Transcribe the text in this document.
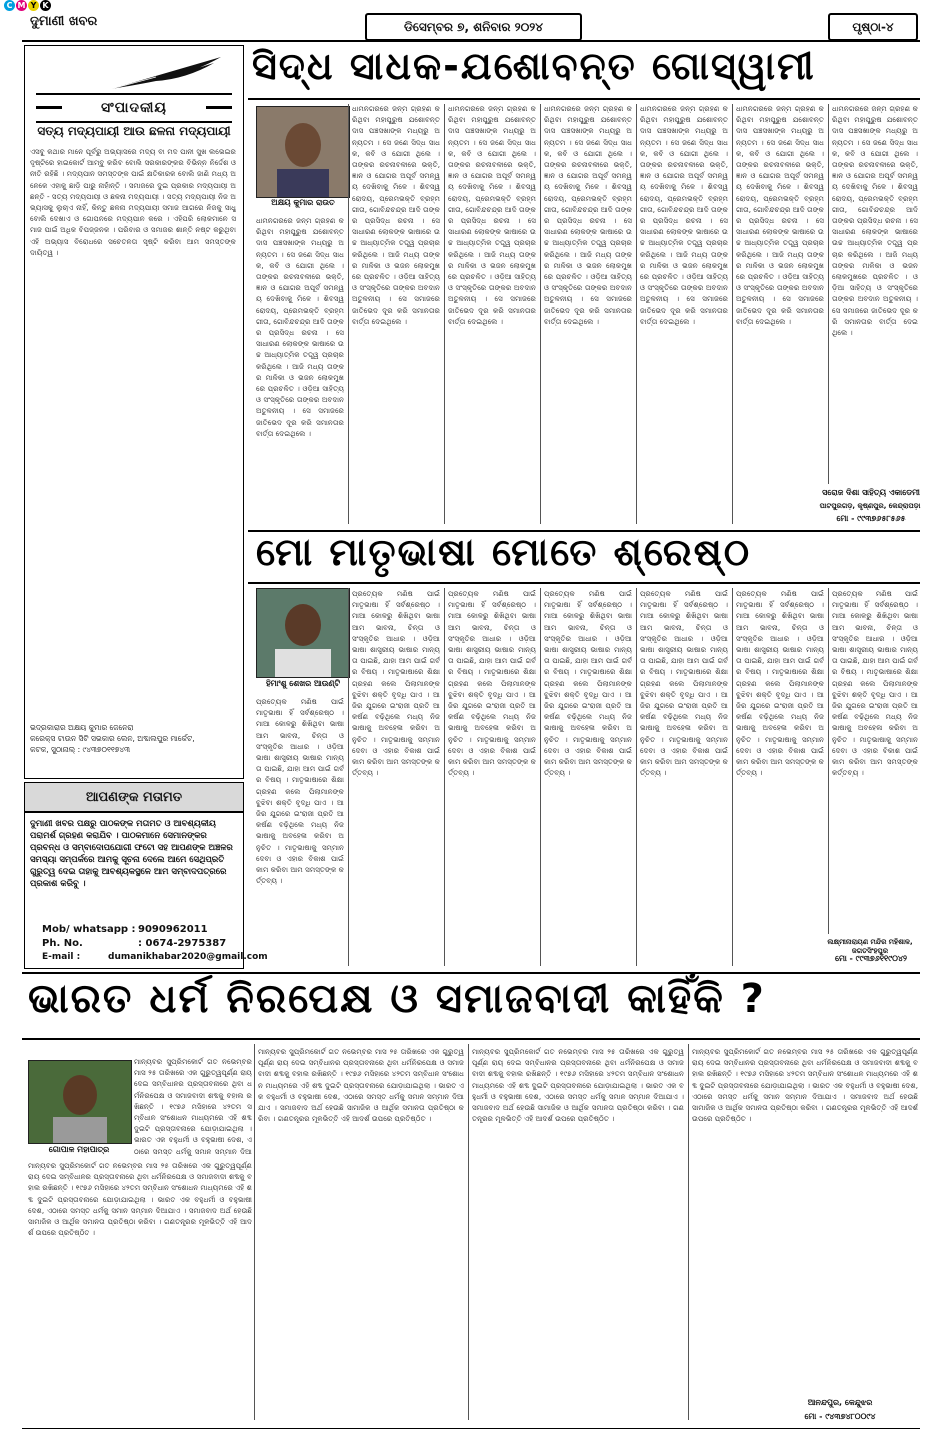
C M Y K
ଦୁମାଣୀ ଖବର	ଡିସେମ୍ବର ୭, ଶନିବାର ୨୦୨୪	ପୃଷ୍ଠା-୪
ସଂପାଦକୀୟ
ସତ୍ୟ ମଦ୍ୟପାୟୀ ଆଉ ଛଳନା ମଦ୍ୟପାୟୀ
ଏସବୁ କଥାର ମାନେ ପୂର୍ବରୁ ଅଭ୍ୟାସରେ ମଦ୍ୟ ବା ମଦ ପାନୀ ସୁଖ ଲଭେଇର ଦୃଷ୍ଟିରେ ହାଇକୋର୍ଟ ଆମ୍ବୁ କରିବ ବୋଲି ସରକାରଙ୍କର ବିଭିନ୍ନ ନିର୍ଦ୍ଦେଶ ଓ ନୀତି ରହିଛି । ମଦ୍ୟପାନ ସମସ୍ତଙ୍କ ପାଇଁ କ୍ଷତିକାରକ ବୋଲି ଜାଣି ମଧ୍ୟ ଅନେକେ ଏହାକୁ ଛାଡ଼ି ପାରୁ ନାହାଁନ୍ତି । ସମାଜରେ ଦୁଇ ପ୍ରକାର ମଦ୍ୟପାୟୀ ଅଛନ୍ତି - ସତ୍ୟ ମଦ୍ୟପାୟୀ ଓ ଛଳନା ମଦ୍ୟପାୟୀ । ସତ୍ୟ ମଦ୍ୟପାୟୀ ନିଜ ଅଭ୍ୟାସକୁ ଲୁଚାଏ ନାହିଁ, କିନ୍ତୁ ଛଳନା ମଦ୍ୟପାୟୀ ସମାଜ ଆଗରେ ନିଜକୁ ସାଧୁ ବୋଲି ଦେଖାଏ ଓ ଗୋପନରେ ମଦ୍ୟପାନ କରେ । ଏହିପରି ଲୋକମାନେ ସମାଜ ପାଇଁ ଅଧିକ ବିପଜ୍ଜନକ । ପରିବାର ଓ ସମାଜର ଶାନ୍ତି ନଷ୍ଟ କରୁଥିବା ଏହି ଅଭ୍ୟାସ ବିରୋଧରେ ସଚେତନତା ସୃଷ୍ଟି କରିବା ଆମ ସମସ୍ତଙ୍କ ଦାୟିତ୍ୱ ।
ଭଦ୍ରକାରାର ଅକ୍ଷୟ କୁମାର ଜେନେରା
କରେକ୍ସ ଟାଉନ ସିଟି ସଭକାର ଲେନ, ଅବ୍ଦାଲପୁର ମାର୍କେଟ,
କଟକ, ସୁଠାନାଲ୍ : ୯୪୩୭୦୧୧୭୪୩
ଆପଣଙ୍କ ମତାମତ
ଦୁମାଣୀ ଖବର ପକ୍ଷରୁ ପାଠକଙ୍କ ମତାମତ ଓ ଆବଶ୍ୟକୀୟ ପରାମର୍ଶ ଗ୍ରହଣ କରାଯିବ । ପାଠକମାନେ ସେମାନଙ୍କର ପ୍ରବନ୍ଧ ଓ ସମ୍ବାଦୋପଯୋଗୀ ଫଟୋ ସହ ଆପଣଙ୍କ ଅଞ୍ଚଳର ସମସ୍ୟା ସମ୍ପର୍କରେ ଆମକୁ ସୂଚନା ଦେଲେ ଆମେ ସେଥିପ୍ରତି ଗୁରୁତ୍ୱ ଦେଇ ତାହାକୁ ଆବଶ୍ୟକସ୍ଥଳେ ଆମ ସମ୍ବାଦପତ୍ରରେ ପ୍ରକାଶ କରିବୁ ।
Mob/ whatsapp : 9090962011
Ph. No.	: 0674-2975387
E-mail :	dumanikhabar2020@gmail.com
ସିଦ୍ଧ ସାଧକ-ଯଶୋବନ୍ତ ଗୋସ୍ୱାମୀ
ଅକ୍ଷୟ କୁମାର ରାଉତ
ଧାମନଗରରେ ଜନ୍ମ ଗ୍ରହଣ କରିଥିବା ମହାପୁରୁଷ ଯଶୋବନ୍ତ ଦାସ ପଞ୍ଚସଖାଙ୍କ ମଧ୍ୟରୁ ଅନ୍ୟତମ । ସେ ଜଣେ ସିଦ୍ଧ ସାଧକ, କବି ଓ ଯୋଗୀ ଥିଲେ । ତାଙ୍କର ରଚନାବଳୀରେ ଭକ୍ତି, ଜ୍ଞାନ ଓ ଯୋଗର ଅପୂର୍ବ ସମନ୍ୱୟ ଦେଖିବାକୁ ମିଳେ । ଶିବସ୍ୱରୋଦୟ, ପ୍ରେମଭକ୍ତି ବ୍ରହ୍ମଗୀତା, ଗୋବିନ୍ଦଚନ୍ଦ୍ର ଆଦି ତାଙ୍କର ପ୍ରସିଦ୍ଧ ରଚନା । ସେ ସାଧାରଣ ଲୋକଙ୍କ ଭାଷାରେ ଉଚ୍ଚ ଆଧ୍ୟାତ୍ମିକ ତତ୍ତ୍ୱ ପ୍ରଚାର କରିଥିଲେ । ଆଜି ମଧ୍ୟ ତାଙ୍କର ମାଳିକା ଓ ଭଜନ ଲୋକମୁଖରେ ପ୍ରଚଳିତ । ଓଡ଼ିଆ ସାହିତ୍ୟ ଓ ସଂସ୍କୃତିରେ ତାଙ୍କର ଅବଦାନ ଅତୁଳନୀୟ । ସେ ସମାଜରେ ଜାତିଭେଦ ଦୂର କରି ସମାନତାର ବାର୍ତ୍ତା ଦେଇଥିଲେ ।
ଧାମନଗରରେ ଜନ୍ମ ଗ୍ରହଣ କରିଥିବା ମହାପୁରୁଷ ଯଶୋବନ୍ତ ଦାସ ପଞ୍ଚସଖାଙ୍କ ମଧ୍ୟରୁ ଅନ୍ୟତମ । ସେ ଜଣେ ସିଦ୍ଧ ସାଧକ, କବି ଓ ଯୋଗୀ ଥିଲେ । ତାଙ୍କର ରଚନାବଳୀରେ ଭକ୍ତି, ଜ୍ଞାନ ଓ ଯୋଗର ଅପୂର୍ବ ସମନ୍ୱୟ ଦେଖିବାକୁ ମିଳେ । ଶିବସ୍ୱରୋଦୟ, ପ୍ରେମଭକ୍ତି ବ୍ରହ୍ମଗୀତା, ଗୋବିନ୍ଦଚନ୍ଦ୍ର ଆଦି ତାଙ୍କର ପ୍ରସିଦ୍ଧ ରଚନା । ସେ ସାଧାରଣ ଲୋକଙ୍କ ଭାଷାରେ ଉଚ୍ଚ ଆଧ୍ୟାତ୍ମିକ ତତ୍ତ୍ୱ ପ୍ରଚାର କରିଥିଲେ । ଆଜି ମଧ୍ୟ ତାଙ୍କର ମାଳିକା ଓ ଭଜନ ଲୋକମୁଖରେ ପ୍ରଚଳିତ । ଓଡ଼ିଆ ସାହିତ୍ୟ ଓ ସଂସ୍କୃତିରେ ତାଙ୍କର ଅବଦାନ ଅତୁଳନୀୟ । ସେ ସମାଜରେ ଜାତିଭେଦ ଦୂର କରି ସମାନତାର ବାର୍ତ୍ତା ଦେଇଥିଲେ ।
ଧାମନଗରରେ ଜନ୍ମ ଗ୍ରହଣ କରିଥିବା ମହାପୁରୁଷ ଯଶୋବନ୍ତ ଦାସ ପଞ୍ଚସଖାଙ୍କ ମଧ୍ୟରୁ ଅନ୍ୟତମ । ସେ ଜଣେ ସିଦ୍ଧ ସାଧକ, କବି ଓ ଯୋଗୀ ଥିଲେ । ତାଙ୍କର ରଚନାବଳୀରେ ଭକ୍ତି, ଜ୍ଞାନ ଓ ଯୋଗର ଅପୂର୍ବ ସମନ୍ୱୟ ଦେଖିବାକୁ ମିଳେ । ଶିବସ୍ୱରୋଦୟ, ପ୍ରେମଭକ୍ତି ବ୍ରହ୍ମଗୀତା, ଗୋବିନ୍ଦଚନ୍ଦ୍ର ଆଦି ତାଙ୍କର ପ୍ରସିଦ୍ଧ ରଚନା । ସେ ସାଧାରଣ ଲୋକଙ୍କ ଭାଷାରେ ଉଚ୍ଚ ଆଧ୍ୟାତ୍ମିକ ତତ୍ତ୍ୱ ପ୍ରଚାର କରିଥିଲେ । ଆଜି ମଧ୍ୟ ତାଙ୍କର ମାଳିକା ଓ ଭଜନ ଲୋକମୁଖରେ ପ୍ରଚଳିତ । ଓଡ଼ିଆ ସାହିତ୍ୟ ଓ ସଂସ୍କୃତିରେ ତାଙ୍କର ଅବଦାନ ଅତୁଳନୀୟ । ସେ ସମାଜରେ ଜାତିଭେଦ ଦୂର କରି ସମାନତାର ବାର୍ତ୍ତା ଦେଇଥିଲେ ।
ଧାମନଗରରେ ଜନ୍ମ ଗ୍ରହଣ କରିଥିବା ମହାପୁରୁଷ ଯଶୋବନ୍ତ ଦାସ ପଞ୍ଚସଖାଙ୍କ ମଧ୍ୟରୁ ଅନ୍ୟତମ । ସେ ଜଣେ ସିଦ୍ଧ ସାଧକ, କବି ଓ ଯୋଗୀ ଥିଲେ । ତାଙ୍କର ରଚନାବଳୀରେ ଭକ୍ତି, ଜ୍ଞାନ ଓ ଯୋଗର ଅପୂର୍ବ ସମନ୍ୱୟ ଦେଖିବାକୁ ମିଳେ । ଶିବସ୍ୱରୋଦୟ, ପ୍ରେମଭକ୍ତି ବ୍ରହ୍ମଗୀତା, ଗୋବିନ୍ଦଚନ୍ଦ୍ର ଆଦି ତାଙ୍କର ପ୍ରସିଦ୍ଧ ରଚନା । ସେ ସାଧାରଣ ଲୋକଙ୍କ ଭାଷାରେ ଉଚ୍ଚ ଆଧ୍ୟାତ୍ମିକ ତତ୍ତ୍ୱ ପ୍ରଚାର କରିଥିଲେ । ଆଜି ମଧ୍ୟ ତାଙ୍କର ମାଳିକା ଓ ଭଜନ ଲୋକମୁଖରେ ପ୍ରଚଳିତ । ଓଡ଼ିଆ ସାହିତ୍ୟ ଓ ସଂସ୍କୃତିରେ ତାଙ୍କର ଅବଦାନ ଅତୁଳନୀୟ । ସେ ସମାଜରେ ଜାତିଭେଦ ଦୂର କରି ସମାନତାର ବାର୍ତ୍ତା ଦେଇଥିଲେ ।
ଧାମନଗରରେ ଜନ୍ମ ଗ୍ରହଣ କରିଥିବା ମହାପୁରୁଷ ଯଶୋବନ୍ତ ଦାସ ପଞ୍ଚସଖାଙ୍କ ମଧ୍ୟରୁ ଅନ୍ୟତମ । ସେ ଜଣେ ସିଦ୍ଧ ସାଧକ, କବି ଓ ଯୋଗୀ ଥିଲେ । ତାଙ୍କର ରଚନାବଳୀରେ ଭକ୍ତି, ଜ୍ଞାନ ଓ ଯୋଗର ଅପୂର୍ବ ସମନ୍ୱୟ ଦେଖିବାକୁ ମିଳେ । ଶିବସ୍ୱରୋଦୟ, ପ୍ରେମଭକ୍ତି ବ୍ରହ୍ମଗୀତା, ଗୋବିନ୍ଦଚନ୍ଦ୍ର ଆଦି ତାଙ୍କର ପ୍ରସିଦ୍ଧ ରଚନା । ସେ ସାଧାରଣ ଲୋକଙ୍କ ଭାଷାରେ ଉଚ୍ଚ ଆଧ୍ୟାତ୍ମିକ ତତ୍ତ୍ୱ ପ୍ରଚାର କରିଥିଲେ । ଆଜି ମଧ୍ୟ ତାଙ୍କର ମାଳିକା ଓ ଭଜନ ଲୋକମୁଖରେ ପ୍ରଚଳିତ । ଓଡ଼ିଆ ସାହିତ୍ୟ ଓ ସଂସ୍କୃତିରେ ତାଙ୍କର ଅବଦାନ ଅତୁଳନୀୟ । ସେ ସମାଜରେ ଜାତିଭେଦ ଦୂର କରି ସମାନତାର ବାର୍ତ୍ତା ଦେଇଥିଲେ ।
ଧାମନଗରରେ ଜନ୍ମ ଗ୍ରହଣ କରିଥିବା ମହାପୁରୁଷ ଯଶୋବନ୍ତ ଦାସ ପଞ୍ଚସଖାଙ୍କ ମଧ୍ୟରୁ ଅନ୍ୟତମ । ସେ ଜଣେ ସିଦ୍ଧ ସାଧକ, କବି ଓ ଯୋଗୀ ଥିଲେ । ତାଙ୍କର ରଚନାବଳୀରେ ଭକ୍ତି, ଜ୍ଞାନ ଓ ଯୋଗର ଅପୂର୍ବ ସମନ୍ୱୟ ଦେଖିବାକୁ ମିଳେ । ଶିବସ୍ୱରୋଦୟ, ପ୍ରେମଭକ୍ତି ବ୍ରହ୍ମଗୀତା, ଗୋବିନ୍ଦଚନ୍ଦ୍ର ଆଦି ତାଙ୍କର ପ୍ରସିଦ୍ଧ ରଚନା । ସେ ସାଧାରଣ ଲୋକଙ୍କ ଭାଷାରେ ଉଚ୍ଚ ଆଧ୍ୟାତ୍ମିକ ତତ୍ତ୍ୱ ପ୍ରଚାର କରିଥିଲେ । ଆଜି ମଧ୍ୟ ତାଙ୍କର ମାଳିକା ଓ ଭଜନ ଲୋକମୁଖରେ ପ୍ରଚଳିତ । ଓଡ଼ିଆ ସାହିତ୍ୟ ଓ ସଂସ୍କୃତିରେ ତାଙ୍କର ଅବଦାନ ଅତୁଳନୀୟ । ସେ ସମାଜରେ ଜାତିଭେଦ ଦୂର କରି ସମାନତାର ବାର୍ତ୍ତା ଦେଇଥିଲେ ।
ଧାମନଗରରେ ଜନ୍ମ ଗ୍ରହଣ କରିଥିବା ମହାପୁରୁଷ ଯଶୋବନ୍ତ ଦାସ ପଞ୍ଚସଖାଙ୍କ ମଧ୍ୟରୁ ଅନ୍ୟତମ । ସେ ଜଣେ ସିଦ୍ଧ ସାଧକ, କବି ଓ ଯୋଗୀ ଥିଲେ । ତାଙ୍କର ରଚନାବଳୀରେ ଭକ୍ତି, ଜ୍ଞାନ ଓ ଯୋଗର ଅପୂର୍ବ ସମନ୍ୱୟ ଦେଖିବାକୁ ମିଳେ । ଶିବସ୍ୱରୋଦୟ, ପ୍ରେମଭକ୍ତି ବ୍ରହ୍ମଗୀତା, ଗୋବିନ୍ଦଚନ୍ଦ୍ର ଆଦି ତାଙ୍କର ପ୍ରସିଦ୍ଧ ରଚନା । ସେ ସାଧାରଣ ଲୋକଙ୍କ ଭାଷାରେ ଉଚ୍ଚ ଆଧ୍ୟାତ୍ମିକ ତତ୍ତ୍ୱ ପ୍ରଚାର କରିଥିଲେ । ଆଜି ମଧ୍ୟ ତାଙ୍କର ମାଳିକା ଓ ଭଜନ ଲୋକମୁଖରେ ପ୍ରଚଳିତ । ଓଡ଼ିଆ ସାହିତ୍ୟ ଓ ସଂସ୍କୃତିରେ ତାଙ୍କର ଅବଦାନ ଅତୁଳନୀୟ । ସେ ସମାଜରେ ଜାତିଭେଦ ଦୂର କରି ସମାନତାର ବାର୍ତ୍ତା ଦେଇଥିଲେ ।
ସରୋଜ ଦିଶା ସାହିତ୍ୟ ଏକାଡେମୀ
ପାଟପୁରଗଡ଼, କୃଷ୍ଣପୁର, କେନ୍ଦ୍ରାପଡ଼ା
ମୋ - ୯୯୩୭୬୫୮୫୬୫
ମୋ ମାତୃଭାଷା ମୋତେ ଶ୍ରେଷ୍ଠ
ହିମାଂଶୁ ଶେଖର ଆଉଣ୍ଟି
ପ୍ରତ୍ୟେକ ମଣିଷ ପାଇଁ ମାତୃଭାଷା ହିଁ ସର୍ବଶ୍ରେଷ୍ଠ । ମାଆ କୋଳରୁ ଶିଖିଥିବା ଭାଷା ଆମ ଭାବନା, ଚିନ୍ତା ଓ ସଂସ୍କୃତିର ଆଧାର । ଓଡ଼ିଆ ଭାଷା ଶାସ୍ତ୍ରୀୟ ଭାଷାର ମାନ୍ୟତା ପାଇଛି, ଯାହା ଆମ ପାଇଁ ଗର୍ବର ବିଷୟ । ମାତୃଭାଷାରେ ଶିକ୍ଷା ଗ୍ରହଣ କଲେ ପିଲାମାନଙ୍କ ବୁଝିବା ଶକ୍ତି ବୃଦ୍ଧି ପାଏ । ଆଜିର ଯୁଗରେ ଇଂରାଜୀ ପ୍ରତି ଆକର୍ଷଣ ବଢ଼ିଥିଲେ ମଧ୍ୟ ନିଜ ଭାଷାକୁ ଅବହେଳା କରିବା ଅନୁଚିତ । ମାତୃଭାଷାକୁ ସମ୍ମାନ ଦେବା ଓ ଏହାର ବିକାଶ ପାଇଁ କାମ କରିବା ଆମ ସମସ୍ତଙ୍କ କର୍ତ୍ତବ୍ୟ ।
ପ୍ରତ୍ୟେକ ମଣିଷ ପାଇଁ ମାତୃଭାଷା ହିଁ ସର୍ବଶ୍ରେଷ୍ଠ । ମାଆ କୋଳରୁ ଶିଖିଥିବା ଭାଷା ଆମ ଭାବନା, ଚିନ୍ତା ଓ ସଂସ୍କୃତିର ଆଧାର । ଓଡ଼ିଆ ଭାଷା ଶାସ୍ତ୍ରୀୟ ଭାଷାର ମାନ୍ୟତା ପାଇଛି, ଯାହା ଆମ ପାଇଁ ଗର୍ବର ବିଷୟ । ମାତୃଭାଷାରେ ଶିକ୍ଷା ଗ୍ରହଣ କଲେ ପିଲାମାନଙ୍କ ବୁଝିବା ଶକ୍ତି ବୃଦ୍ଧି ପାଏ । ଆଜିର ଯୁଗରେ ଇଂରାଜୀ ପ୍ରତି ଆକର୍ଷଣ ବଢ଼ିଥିଲେ ମଧ୍ୟ ନିଜ ଭାଷାକୁ ଅବହେଳା କରିବା ଅନୁଚିତ । ମାତୃଭାଷାକୁ ସମ୍ମାନ ଦେବା ଓ ଏହାର ବିକାଶ ପାଇଁ କାମ କରିବା ଆମ ସମସ୍ତଙ୍କ କର୍ତ୍ତବ୍ୟ ।
ପ୍ରତ୍ୟେକ ମଣିଷ ପାଇଁ ମାତୃଭାଷା ହିଁ ସର୍ବଶ୍ରେଷ୍ଠ । ମାଆ କୋଳରୁ ଶିଖିଥିବା ଭାଷା ଆମ ଭାବନା, ଚିନ୍ତା ଓ ସଂସ୍କୃତିର ଆଧାର । ଓଡ଼ିଆ ଭାଷା ଶାସ୍ତ୍ରୀୟ ଭାଷାର ମାନ୍ୟତା ପାଇଛି, ଯାହା ଆମ ପାଇଁ ଗର୍ବର ବିଷୟ । ମାତୃଭାଷାରେ ଶିକ୍ଷା ଗ୍ରହଣ କଲେ ପିଲାମାନଙ୍କ ବୁଝିବା ଶକ୍ତି ବୃଦ୍ଧି ପାଏ । ଆଜିର ଯୁଗରେ ଇଂରାଜୀ ପ୍ରତି ଆକର୍ଷଣ ବଢ଼ିଥିଲେ ମଧ୍ୟ ନିଜ ଭାଷାକୁ ଅବହେଳା କରିବା ଅନୁଚିତ । ମାତୃଭାଷାକୁ ସମ୍ମାନ ଦେବା ଓ ଏହାର ବିକାଶ ପାଇଁ କାମ କରିବା ଆମ ସମସ୍ତଙ୍କ କର୍ତ୍ତବ୍ୟ ।
ପ୍ରତ୍ୟେକ ମଣିଷ ପାଇଁ ମାତୃଭାଷା ହିଁ ସର୍ବଶ୍ରେଷ୍ଠ । ମାଆ କୋଳରୁ ଶିଖିଥିବା ଭାଷା ଆମ ଭାବନା, ଚିନ୍ତା ଓ ସଂସ୍କୃତିର ଆଧାର । ଓଡ଼ିଆ ଭାଷା ଶାସ୍ତ୍ରୀୟ ଭାଷାର ମାନ୍ୟତା ପାଇଛି, ଯାହା ଆମ ପାଇଁ ଗର୍ବର ବିଷୟ । ମାତୃଭାଷାରେ ଶିକ୍ଷା ଗ୍ରହଣ କଲେ ପିଲାମାନଙ୍କ ବୁଝିବା ଶକ୍ତି ବୃଦ୍ଧି ପାଏ । ଆଜିର ଯୁଗରେ ଇଂରାଜୀ ପ୍ରତି ଆକର୍ଷଣ ବଢ଼ିଥିଲେ ମଧ୍ୟ ନିଜ ଭାଷାକୁ ଅବହେଳା କରିବା ଅନୁଚିତ । ମାତୃଭାଷାକୁ ସମ୍ମାନ ଦେବା ଓ ଏହାର ବିକାଶ ପାଇଁ କାମ କରିବା ଆମ ସମସ୍ତଙ୍କ କର୍ତ୍ତବ୍ୟ ।
ପ୍ରତ୍ୟେକ ମଣିଷ ପାଇଁ ମାତୃଭାଷା ହିଁ ସର୍ବଶ୍ରେଷ୍ଠ । ମାଆ କୋଳରୁ ଶିଖିଥିବା ଭାଷା ଆମ ଭାବନା, ଚିନ୍ତା ଓ ସଂସ୍କୃତିର ଆଧାର । ଓଡ଼ିଆ ଭାଷା ଶାସ୍ତ୍ରୀୟ ଭାଷାର ମାନ୍ୟତା ପାଇଛି, ଯାହା ଆମ ପାଇଁ ଗର୍ବର ବିଷୟ । ମାତୃଭାଷାରେ ଶିକ୍ଷା ଗ୍ରହଣ କଲେ ପିଲାମାନଙ୍କ ବୁଝିବା ଶକ୍ତି ବୃଦ୍ଧି ପାଏ । ଆଜିର ଯୁଗରେ ଇଂରାଜୀ ପ୍ରତି ଆକର୍ଷଣ ବଢ଼ିଥିଲେ ମଧ୍ୟ ନିଜ ଭାଷାକୁ ଅବହେଳା କରିବା ଅନୁଚିତ । ମାତୃଭାଷାକୁ ସମ୍ମାନ ଦେବା ଓ ଏହାର ବିକାଶ ପାଇଁ କାମ କରିବା ଆମ ସମସ୍ତଙ୍କ କର୍ତ୍ତବ୍ୟ ।
ପ୍ରତ୍ୟେକ ମଣିଷ ପାଇଁ ମାତୃଭାଷା ହିଁ ସର୍ବଶ୍ରେଷ୍ଠ । ମାଆ କୋଳରୁ ଶିଖିଥିବା ଭାଷା ଆମ ଭାବନା, ଚିନ୍ତା ଓ ସଂସ୍କୃତିର ଆଧାର । ଓଡ଼ିଆ ଭାଷା ଶାସ୍ତ୍ରୀୟ ଭାଷାର ମାନ୍ୟତା ପାଇଛି, ଯାହା ଆମ ପାଇଁ ଗର୍ବର ବିଷୟ । ମାତୃଭାଷାରେ ଶିକ୍ଷା ଗ୍ରହଣ କଲେ ପିଲାମାନଙ୍କ ବୁଝିବା ଶକ୍ତି ବୃଦ୍ଧି ପାଏ । ଆଜିର ଯୁଗରେ ଇଂରାଜୀ ପ୍ରତି ଆକର୍ଷଣ ବଢ଼ିଥିଲେ ମଧ୍ୟ ନିଜ ଭାଷାକୁ ଅବହେଳା କରିବା ଅନୁଚିତ । ମାତୃଭାଷାକୁ ସମ୍ମାନ ଦେବା ଓ ଏହାର ବିକାଶ ପାଇଁ କାମ କରିବା ଆମ ସମସ୍ତଙ୍କ କର୍ତ୍ତବ୍ୟ ।
ପ୍ରତ୍ୟେକ ମଣିଷ ପାଇଁ ମାତୃଭାଷା ହିଁ ସର୍ବଶ୍ରେଷ୍ଠ । ମାଆ କୋଳରୁ ଶିଖିଥିବା ଭାଷା ଆମ ଭାବନା, ଚିନ୍ତା ଓ ସଂସ୍କୃତିର ଆଧାର । ଓଡ଼ିଆ ଭାଷା ଶାସ୍ତ୍ରୀୟ ଭାଷାର ମାନ୍ୟତା ପାଇଛି, ଯାହା ଆମ ପାଇଁ ଗର୍ବର ବିଷୟ । ମାତୃଭାଷାରେ ଶିକ୍ଷା ଗ୍ରହଣ କଲେ ପିଲାମାନଙ୍କ ବୁଝିବା ଶକ୍ତି ବୃଦ୍ଧି ପାଏ । ଆଜିର ଯୁଗରେ ଇଂରାଜୀ ପ୍ରତି ଆକର୍ଷଣ ବଢ଼ିଥିଲେ ମଧ୍ୟ ନିଜ ଭାଷାକୁ ଅବହେଳା କରିବା ଅନୁଚିତ । ମାତୃଭାଷାକୁ ସମ୍ମାନ ଦେବା ଓ ଏହାର ବିକାଶ ପାଇଁ କାମ କରିବା ଆମ ସମସ୍ତଙ୍କ କର୍ତ୍ତବ୍ୟ ।
ଲକ୍ଷ୍ମୀନାରାୟଣ ମନ୍ଦିର ମହିଶାଳ, ଜଗତସିଂହପୁର
ମୋ - ୯୯୩୭୬୧୧୯୦୪୨
ଭାରତ ଧର୍ମ ନିରପେକ୍ଷ ଓ ସମାଜବାଦୀ କାହିଁକି ?
ଗୋପାଳ ମହାପାତ୍ର
ମାନ୍ୟବର ସୁପ୍ରିମକୋର୍ଟ ଗତ ନଭେମ୍ବର ମାସ ୨୫ ତାରିଖରେ ଏକ ଗୁରୁତ୍ୱପୂର୍ଣ୍ଣ ରାୟ ଦେଇ ସମ୍ବିଧାନର ପ୍ରସ୍ତାବନାରେ ଥିବା ଧର୍ମନିରପେକ୍ଷ ଓ ସମାଜବାଦୀ ଶବ୍ଦକୁ ବହାଲ ରଖିଛନ୍ତି । ୧୯୭୬ ମସିହାରେ ୪୨ତମ ସମ୍ବିଧାନ ସଂଶୋଧନ ମାଧ୍ୟମରେ ଏହି ଶବ୍ଦ ଦୁଇଟି ପ୍ରସ୍ତାବନାରେ ଯୋଡ଼ାଯାଇଥିଲା । ଭାରତ ଏକ ବହୁଧର୍ମୀ ଓ ବହୁଭାଷୀ ଦେଶ, ଏଠାରେ ସମସ୍ତ ଧର୍ମକୁ ସମାନ ସମ୍ମାନ ଦିଆ
ମାନ୍ୟବର ସୁପ୍ରିମକୋର୍ଟ ଗତ ନଭେମ୍ବର ମାସ ୨୫ ତାରିଖରେ ଏକ ଗୁରୁତ୍ୱପୂର୍ଣ୍ଣ ରାୟ ଦେଇ ସମ୍ବିଧାନର ପ୍ରସ୍ତାବନାରେ ଥିବା ଧର୍ମନିରପେକ୍ଷ ଓ ସମାଜବାଦୀ ଶବ୍ଦକୁ ବହାଲ ରଖିଛନ୍ତି । ୧୯୭୬ ମସିହାରେ ୪୨ତମ ସମ୍ବିଧାନ ସଂଶୋଧନ ମାଧ୍ୟମରେ ଏହି ଶବ୍ଦ ଦୁଇଟି ପ୍ରସ୍ତାବନାରେ ଯୋଡ଼ାଯାଇଥିଲା । ଭାରତ ଏକ ବହୁଧର୍ମୀ ଓ ବହୁଭାଷୀ ଦେଶ, ଏଠାରେ ସମସ୍ତ ଧର୍ମକୁ ସମାନ ସମ୍ମାନ ଦିଆଯାଏ । ସମାଜବାଦ ଅର୍ଥ ହେଉଛି ସାମାଜିକ ଓ ଆର୍ଥିକ ସମାନତା ପ୍ରତିଷ୍ଠା କରିବା । ଗଣତନ୍ତ୍ରର ମୂଳଭିତ୍ତି ଏହି ଆଦର୍ଶ ଉପରେ ପ୍ରତିଷ୍ଠିତ ।
ମାନ୍ୟବର ସୁପ୍ରିମକୋର୍ଟ ଗତ ନଭେମ୍ବର ମାସ ୨୫ ତାରିଖରେ ଏକ ଗୁରୁତ୍ୱପୂର୍ଣ୍ଣ ରାୟ ଦେଇ ସମ୍ବିଧାନର ପ୍ରସ୍ତାବନାରେ ଥିବା ଧର୍ମନିରପେକ୍ଷ ଓ ସମାଜବାଦୀ ଶବ୍ଦକୁ ବହାଲ ରଖିଛନ୍ତି । ୧୯୭୬ ମସିହାରେ ୪୨ତମ ସମ୍ବିଧାନ ସଂଶୋଧନ ମାଧ୍ୟମରେ ଏହି ଶବ୍ଦ ଦୁଇଟି ପ୍ରସ୍ତାବନାରେ ଯୋଡ଼ାଯାଇଥିଲା । ଭାରତ ଏକ ବହୁଧର୍ମୀ ଓ ବହୁଭାଷୀ ଦେଶ, ଏଠାରେ ସମସ୍ତ ଧର୍ମକୁ ସମାନ ସମ୍ମାନ ଦିଆଯାଏ । ସମାଜବାଦ ଅର୍ଥ ହେଉଛି ସାମାଜିକ ଓ ଆର୍ଥିକ ସମାନତା ପ୍ରତିଷ୍ଠା କରିବା । ଗଣତନ୍ତ୍ରର ମୂଳଭିତ୍ତି ଏହି ଆଦର୍ଶ ଉପରେ ପ୍ରତିଷ୍ଠିତ ।
ମାନ୍ୟବର ସୁପ୍ରିମକୋର୍ଟ ଗତ ନଭେମ୍ବର ମାସ ୨୫ ତାରିଖରେ ଏକ ଗୁରୁତ୍ୱପୂର୍ଣ୍ଣ ରାୟ ଦେଇ ସମ୍ବିଧାନର ପ୍ରସ୍ତାବନାରେ ଥିବା ଧର୍ମନିରପେକ୍ଷ ଓ ସମାଜବାଦୀ ଶବ୍ଦକୁ ବହାଲ ରଖିଛନ୍ତି । ୧୯୭୬ ମସିହାରେ ୪୨ତମ ସମ୍ବିଧାନ ସଂଶୋଧନ ମାଧ୍ୟମରେ ଏହି ଶବ୍ଦ ଦୁଇଟି ପ୍ରସ୍ତାବନାରେ ଯୋଡ଼ାଯାଇଥିଲା । ଭାରତ ଏକ ବହୁଧର୍ମୀ ଓ ବହୁଭାଷୀ ଦେଶ, ଏଠାରେ ସମସ୍ତ ଧର୍ମକୁ ସମାନ ସମ୍ମାନ ଦିଆଯାଏ । ସମାଜବାଦ ଅର୍ଥ ହେଉଛି ସାମାଜିକ ଓ ଆର୍ଥିକ ସମାନତା ପ୍ରତିଷ୍ଠା କରିବା । ଗଣତନ୍ତ୍ରର ମୂଳଭିତ୍ତି ଏହି ଆଦର୍ଶ ଉପରେ ପ୍ରତିଷ୍ଠିତ ।
ମାନ୍ୟବର ସୁପ୍ରିମକୋର୍ଟ ଗତ ନଭେମ୍ବର ମାସ ୨୫ ତାରିଖରେ ଏକ ଗୁରୁତ୍ୱପୂର୍ଣ୍ଣ ରାୟ ଦେଇ ସମ୍ବିଧାନର ପ୍ରସ୍ତାବନାରେ ଥିବା ଧର୍ମନିରପେକ୍ଷ ଓ ସମାଜବାଦୀ ଶବ୍ଦକୁ ବହାଲ ରଖିଛନ୍ତି । ୧୯୭୬ ମସିହାରେ ୪୨ତମ ସମ୍ବିଧାନ ସଂଶୋଧନ ମାଧ୍ୟମରେ ଏହି ଶବ୍ଦ ଦୁଇଟି ପ୍ରସ୍ତାବନାରେ ଯୋଡ଼ାଯାଇଥିଲା । ଭାରତ ଏକ ବହୁଧର୍ମୀ ଓ ବହୁଭାଷୀ ଦେଶ, ଏଠାରେ ସମସ୍ତ ଧର୍ମକୁ ସମାନ ସମ୍ମାନ ଦିଆଯାଏ । ସମାଜବାଦ ଅର୍ଥ ହେଉଛି ସାମାଜିକ ଓ ଆର୍ଥିକ ସମାନତା ପ୍ରତିଷ୍ଠା କରିବା । ଗଣତନ୍ତ୍ରର ମୂଳଭିତ୍ତି ଏହି ଆଦର୍ଶ ଉପରେ ପ୍ରତିଷ୍ଠିତ ।
ଆନନ୍ଦପୁର, କେନ୍ଦୁଝର
ମୋ - ୯୪୩୭୪୮୦୦୯୪
